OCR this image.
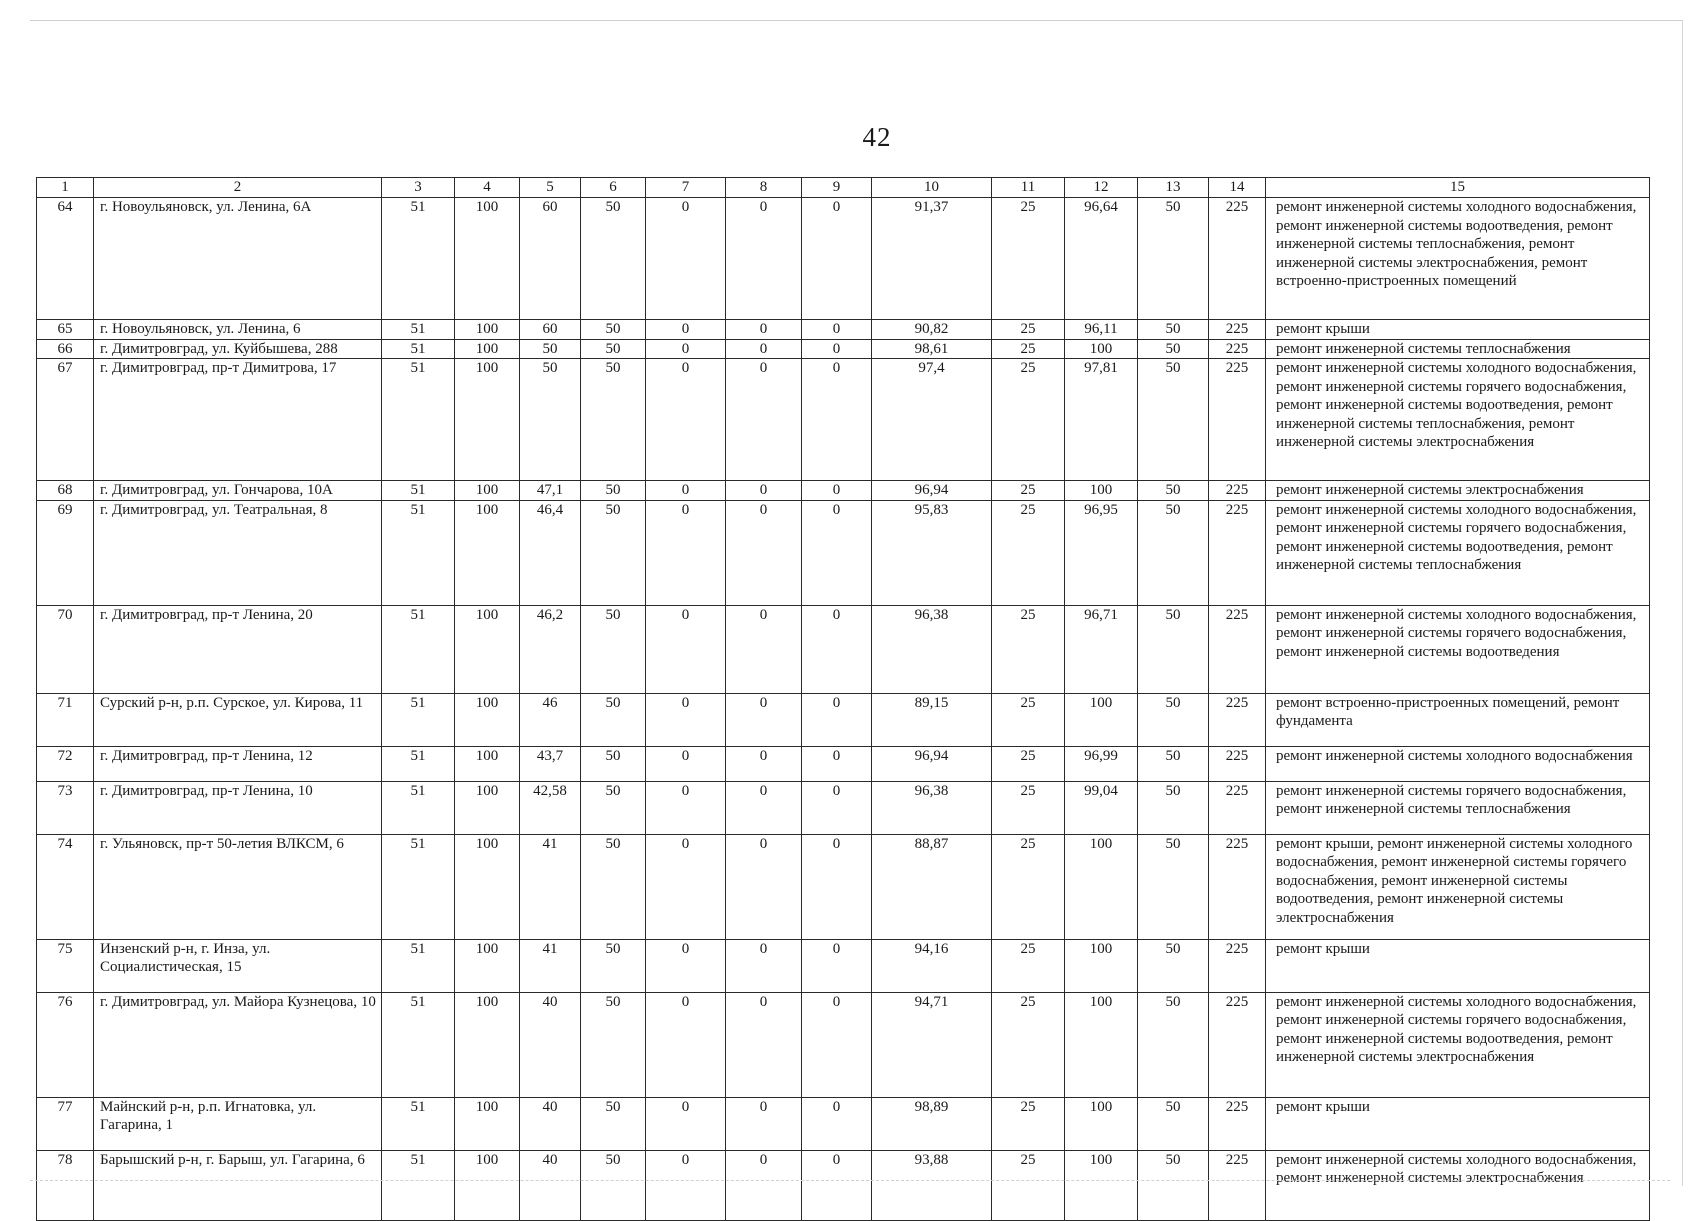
42
1	2	3	4	5	6	7	8	9	10	11	12	13	14	15
64	г. Новоульяновск, ул. Ленина, 6А	51	100	60	50	0	0	0	91,37	25	96,64	50	225	ремонт инженерной системы холодного водоснабжения, ремонт инженерной системы водоотведения, ремонт инженерной системы теплоснабжения, ремонт инженерной системы электроснабжения, ремонт встроенно-пристроенных помещений
65	г. Новоульяновск, ул. Ленина, 6	51	100	60	50	0	0	0	90,82	25	96,11	50	225	ремонт крыши
66	г. Димитровград, ул. Куйбышева, 288	51	100	50	50	0	0	0	98,61	25	100	50	225	ремонт инженерной системы теплоснабжения
67	г. Димитровград, пр-т Димитрова, 17	51	100	50	50	0	0	0	97,4	25	97,81	50	225	ремонт инженерной системы холодного водоснабжения, ремонт инженерной системы горячего водоснабжения, ремонт инженерной системы водоотведения, ремонт инженерной системы теплоснабжения, ремонт инженерной системы электроснабжения
68	г. Димитровград, ул. Гончарова, 10А	51	100	47,1	50	0	0	0	96,94	25	100	50	225	ремонт инженерной системы электроснабжения
69	г. Димитровград, ул. Театральная, 8	51	100	46,4	50	0	0	0	95,83	25	96,95	50	225	ремонт инженерной системы холодного водоснабжения, ремонт инженерной системы горячего водоснабжения, ремонт инженерной системы водоотведения, ремонт инженерной системы теплоснабжения
70	г. Димитровград, пр-т Ленина, 20	51	100	46,2	50	0	0	0	96,38	25	96,71	50	225	ремонт инженерной системы холодного водоснабжения, ремонт инженерной системы горячего водоснабжения, ремонт инженерной системы водоотведения
71	Сурский р-н, р.п. Сурское, ул. Кирова, 11	51	100	46	50	0	0	0	89,15	25	100	50	225	ремонт встроенно-пристроенных помещений, ремонт фундамента
72	г. Димитровград, пр-т Ленина, 12	51	100	43,7	50	0	0	0	96,94	25	96,99	50	225	ремонт инженерной системы холодного водоснабжения
73	г. Димитровград, пр-т Ленина, 10	51	100	42,58	50	0	0	0	96,38	25	99,04	50	225	ремонт инженерной системы горячего водоснабжения, ремонт инженерной системы теплоснабжения
74	г. Ульяновск, пр-т 50-летия ВЛКСМ, 6	51	100	41	50	0	0	0	88,87	25	100	50	225	ремонт крыши, ремонт инженерной системы холодного водоснабжения, ремонт инженерной системы горячего водоснабжения, ремонт инженерной системы водоотведения, ремонт инженерной системы электроснабжения
75	Инзенский р-н, г. Инза, ул. Социалистическая, 15	51	100	41	50	0	0	0	94,16	25	100	50	225	ремонт крыши
76	г. Димитровград, ул. Майора Кузнецова, 10	51	100	40	50	0	0	0	94,71	25	100	50	225	ремонт инженерной системы холодного водоснабжения, ремонт инженерной системы горячего водоснабжения, ремонт инженерной системы водоотведения, ремонт инженерной системы электроснабжения
77	Майнский р-н, р.п. Игнатовка, ул. Гагарина, 1	51	100	40	50	0	0	0	98,89	25	100	50	225	ремонт крыши
78	Барышский р-н, г. Барыш, ул. Гагарина, 6	51	100	40	50	0	0	0	93,88	25	100	50	225	ремонт инженерной системы холодного водоснабжения, ремонт инженерной системы электроснабжения
